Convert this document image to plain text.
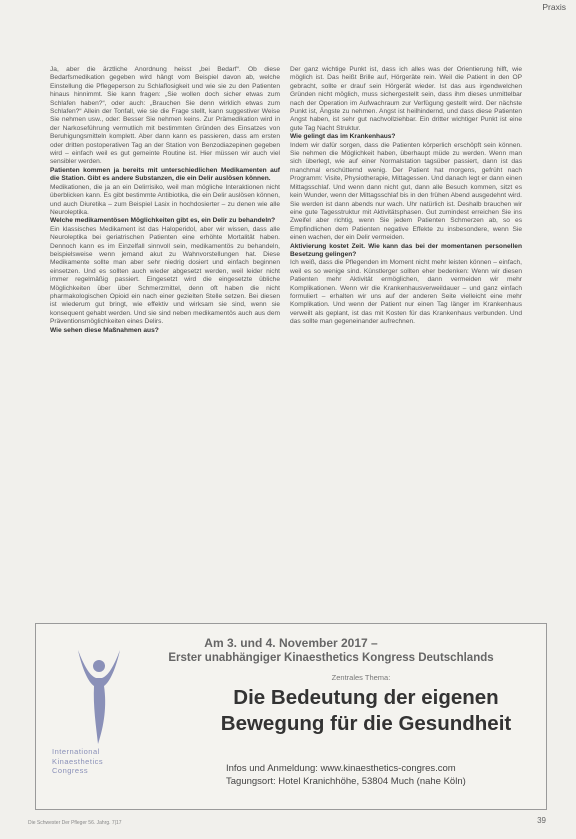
Praxis

Ja, aber die ärztliche Anordnung heisst „bei Bedarf“. Ob diese Bedarfsmedikation gegeben wird hängt vom Beispiel davon ab, welche Einstellung die Pflegeperson zu Schlaflosigkeit und wie sie zu den Patienten hinaus hinnimmt. Sie kann fragen: „Sie wollen doch sicher etwas zum Schlafen haben?“, oder auch: „Brauchen Sie denn wirklich etwas zum Schlafen?“ Allein der Tonfall, wie sie die Frage stellt, kann suggestiver Weise Sie nehmen usw., oder: Besser Sie nehmen keins. Zur Prämedikation wird in der Narkoseführung vermutlich mit bestimmten Gründen des Einsatzes von Beruhigungsmitteln komplett. Aber dann kann es passieren, dass am ersten oder dritten postoperativen Tag an der Station von Benzodiazepinen gegeben wird – einfach weil es gut gemeinte Routine ist. Hier müssen wir auch viel sensibler werden.

Patienten kommen ja bereits mit unterschiedlichen Medikamenten auf die Station. Gibt es andere Substanzen, die ein Delir auslösen können.

Medikationen, die ja an ein Delirrisiko, weil man mögliche Interaktionen nicht überblicken kann. Es gibt bestimmte Antibiotika, die ein Delir auslösen können, und auch Diuretika – zum Beispiel Lasix in hochdosierter – zu denen wie alle Neuroleptika.

Welche medikamentösen Möglichkeiten gibt es, ein Delir zu behandeln?

Ein klassisches Medikament ist das Haloperidol, aber wir wissen, dass alle Neuroleptika bei geriatrischen Patienten eine erhöhte Mortalität haben. Dennoch kann es im Einzelfall sinnvoll sein, medikamentös zu behandeln, beispielsweise wenn jemand akut zu Wahnvorstellungen hat. Diese Medikamente sollte man aber sehr niedrig dosiert und einfach beginnen einsetzen. Und es sollten auch wieder abgesetzt werden, weil leider nicht immer regelmäßig passiert. Eingesetzt wird die eingesetzte übliche Möglichkeiten über über Schmerzmittel, denn oft haben die nicht pharmakologischen Opioid ein nach einer gezielten Stelle setzen. Bei diesen ist wiederum gut bringt, wie effektiv und wirksam sie sind, wenn sie konsequent gehabt werden. Und sie sind neben medikamentös auch aus dem Präventionsmöglichkeiten eines Delirs.

Wie sehen diese Maßnahmen aus?

Der ganz wichtige Punkt ist, dass ich alles was der Orientierung hilft, wie möglich ist. Das heißt Brille auf, Hörgeräte rein. Weil die Patient in den OP gebracht, sollte er drauf sein Hörgerät wieder. Ist das aus irgendwelchen Gründen nicht möglich, muss sichergestellt sein, dass ihm dieses unmittelbar nach der Operation im Aufwachraum zur Verfügung gestellt wird. Der nächste Punkt ist, Ängste zu nehmen. Angst ist heilhindernd, und dass diese Patienten Angst haben, ist sehr gut nachvollziehbar. Ein dritter wichtiger Punkt ist eine gute Tag Nacht Struktur.

Wie gelingt das im Krankenhaus?

Indem wir dafür sorgen, dass die Patienten körperlich erschöpft sein können. Sie nehmen die Möglichkeit haben, überhaupt müde zu werden. Wenn man sich überlegt, wie auf einer Normalstation tagsüber passiert, dann ist das manchmal erschütternd wenig. Der Patient hat morgens, gefrüht nach Programm: Visite, Physiotherapie, Mittagessen. Und danach legt er dann einen Mittagsschlaf. Und wenn dann nicht gut, dann alle Besuch kommen, sitzt es kein Wunder, wenn der Mittagsschlaf bis in den frühen Abend ausgedehnt wird. Sie werden ist dann abends nur wach. Uhr natürlich ist. Deshalb brauchen wir eine gute Tagesstruktur mit Aktivitätsphasen. Gut zumindest erreichen Sie ins Zweifel aber richtig, wenn Sie jedem Patienten Schmerzen ab, so es Empfindlichen dem Patienten negative Effekte zu insbesondere, wenn Sie einen wachen, der ein Delir vermeiden.

Aktivierung kostet Zeit. Wie kann das bei der momentanen personellen Besetzung gelingen?

Ich weiß, dass die Pflegenden im Moment nicht mehr leisten können – einfach, weil es so wenige sind. Künstlerger sollten eher bedenken: Wenn wir diesen Patienten mehr Aktivität ermöglichen, dann vermeiden wir mehr Komplikationen. Wenn wir die Krankenhausverweildauer – und ganz einfach formuliert – erhalten wir uns auf der anderen Seite vielleicht eine mehr Komplikation. Und wenn der Patient nur einen Tag länger im Krankenhaus verweilt als geplant, ist das mit Kosten für das Krankenhaus verbunden. Und das sollte man gegeneinander aufrechnen.

Am 3. und 4. November 2017 –
Erster unabhängiger Kinaesthetics Kongress Deutschlands
Zentrales Thema:
Die Bedeutung der eigenen
Bewegung für die Gesundheit
Infos und Anmeldung: www.kinaesthetics-congres.com
Tagungsort: Hotel Kranichhöhe, 53804 Much (nahe Köln)
International
Kinaesthetics
Congress
Die Schwester Der Pfleger 56. Jahrg. 7|17	39
